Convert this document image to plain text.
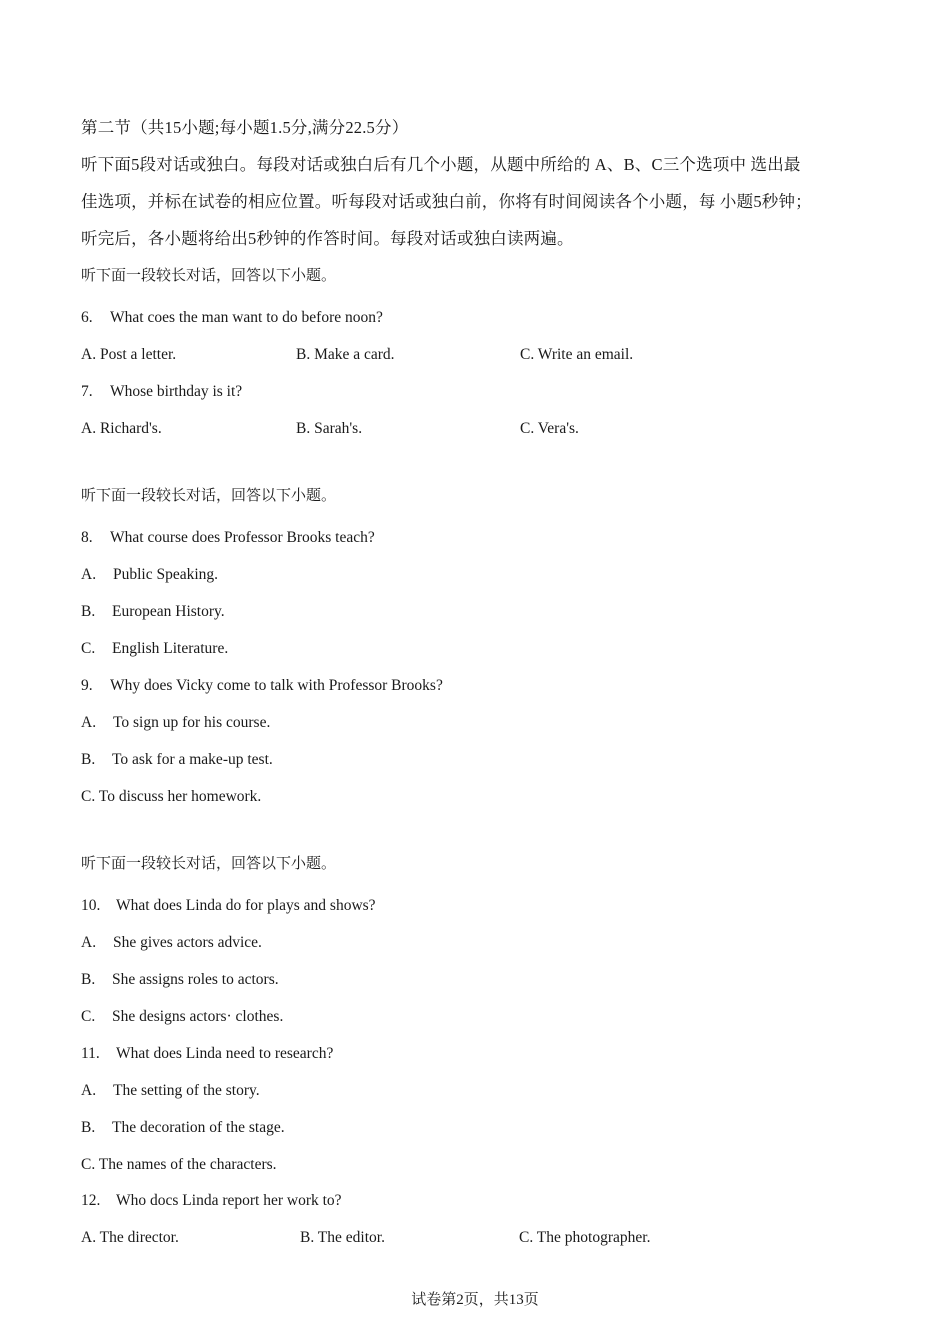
第二节（共15小题;每小题1.5分,满分22.5分）
听下面5段对话或独白。每段对话或独白后有几个小题，从题中所给的 A、B、C三个选项中 选出最
佳选项，并标在试卷的相应位置。听每段对话或独白前，你将有时间阅读各个小题，每 小题5秒钟；
听完后，各小题将给出5秒钟的作答时间。每段对话或独白读两遍。
听下面一段较长对话，回答以下小题。
6. What coes the man want to do before noon?
A. Post a letter.	B. Make a card.	C. Write an email.
7. Whose birthday is it?
A. Richard's.	B. Sarah's.	C. Vera's.
听下面一段较长对话，回答以下小题。
8. What course does Professor Brooks teach?
A. Public Speaking.
B. European History.
C. English Literature.
9. Why does Vicky come to talk with Professor Brooks?
A. To sign up for his course.
B. To ask for a make-up test.
C. To discuss her homework.
听下面一段较长对话，回答以下小题。
10. What does Linda do for plays and shows?
A. She gives actors advice.
B. She assigns roles to actors.
C. She designs actors· clothes.
11. What does Linda need to research?
A. The setting of the story.
B. The decoration of the stage.
C. The names of the characters.
12. Who docs Linda report her work to?
A. The director.	B. The editor.	C. The photographer.
试卷第2页，共13页
